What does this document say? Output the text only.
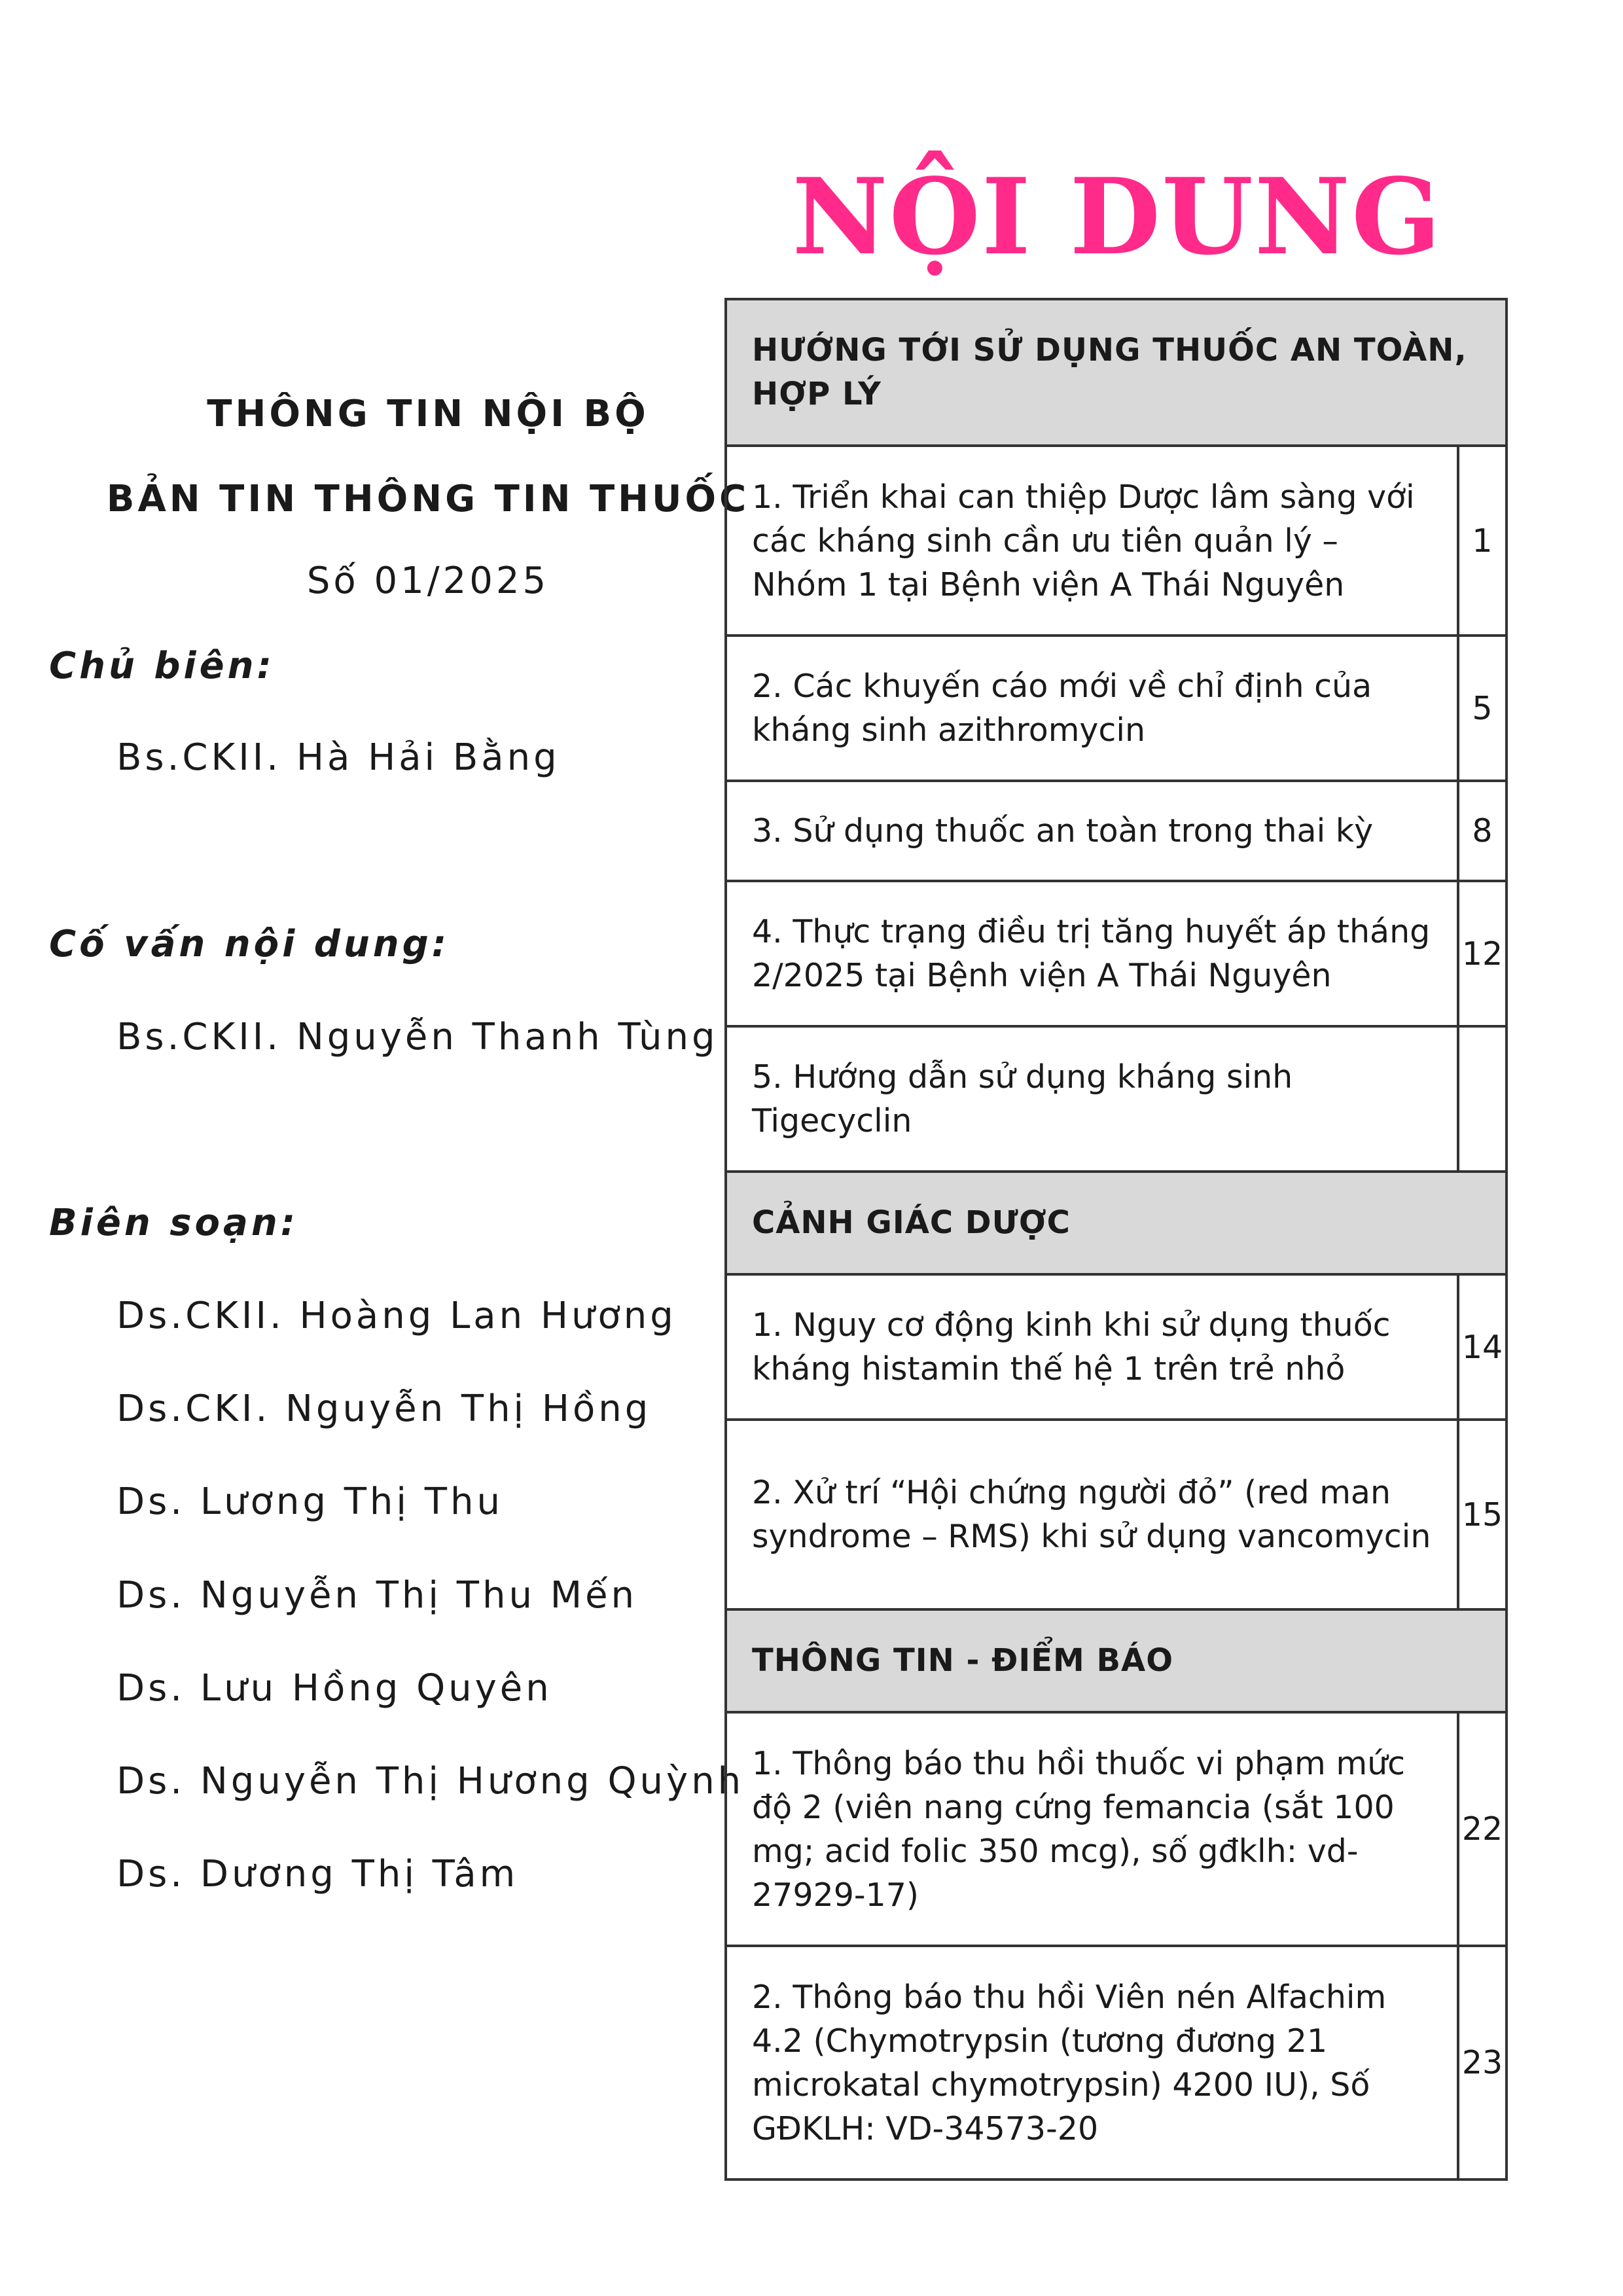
NỘI DUNG
THÔNG TIN NỘI BỘ
BẢN TIN THÔNG TIN THUỐC
Số 01/2025
Chủ biên:
Bs.CKII. Hà Hải Bằng
Cố vấn nội dung:
Bs.CKII. Nguyễn Thanh Tùng
Biên soạn:
Ds.CKII. Hoàng Lan Hương
Ds.CKI. Nguyễn Thị Hồng
Ds. Lương Thị Thu
Ds. Nguyễn Thị Thu Mến
Ds. Lưu Hồng Quyên
Ds. Nguyễn Thị Hương Quỳnh
Ds. Dương Thị Tâm
HƯỚNG TỚI SỬ DỤNG THUỐC AN TOÀN, HỢP LÝ	
1. Triển khai can thiệp Dược lâm sàng với các kháng sinh cần ưu tiên quản lý – Nhóm 1 tại Bệnh viện A Thái Nguyên	1
2. Các khuyến cáo mới về chỉ định của kháng sinh azithromycin	5
3. Sử dụng thuốc an toàn trong thai kỳ	8
4. Thực trạng điều trị tăng huyết áp tháng 2/2025 tại Bệnh viện A Thái Nguyên	12
5. Hướng dẫn sử dụng kháng sinh Tigecyclin	
CẢNH GIÁC DƯỢC	
1. Nguy cơ động kinh khi sử dụng thuốc kháng histamin thế hệ 1 trên trẻ nhỏ	14
2. Xử trí “Hội chứng người đỏ” (red man syndrome – RMS) khi sử dụng vancomycin	15
THÔNG TIN - ĐIỂM BÁO	
1. Thông báo thu hồi thuốc vi phạm mức độ 2 (viên nang cứng femancia (sắt 100 mg; acid folic 350 mcg), số gđklh: vd-27929-17)	22
2. Thông báo thu hồi Viên nén Alfachim 4.2 (Chymotrypsin (tương đương 21 microkatal chymotrypsin) 4200 IU), Số GĐKLH: VD-34573-20	23
